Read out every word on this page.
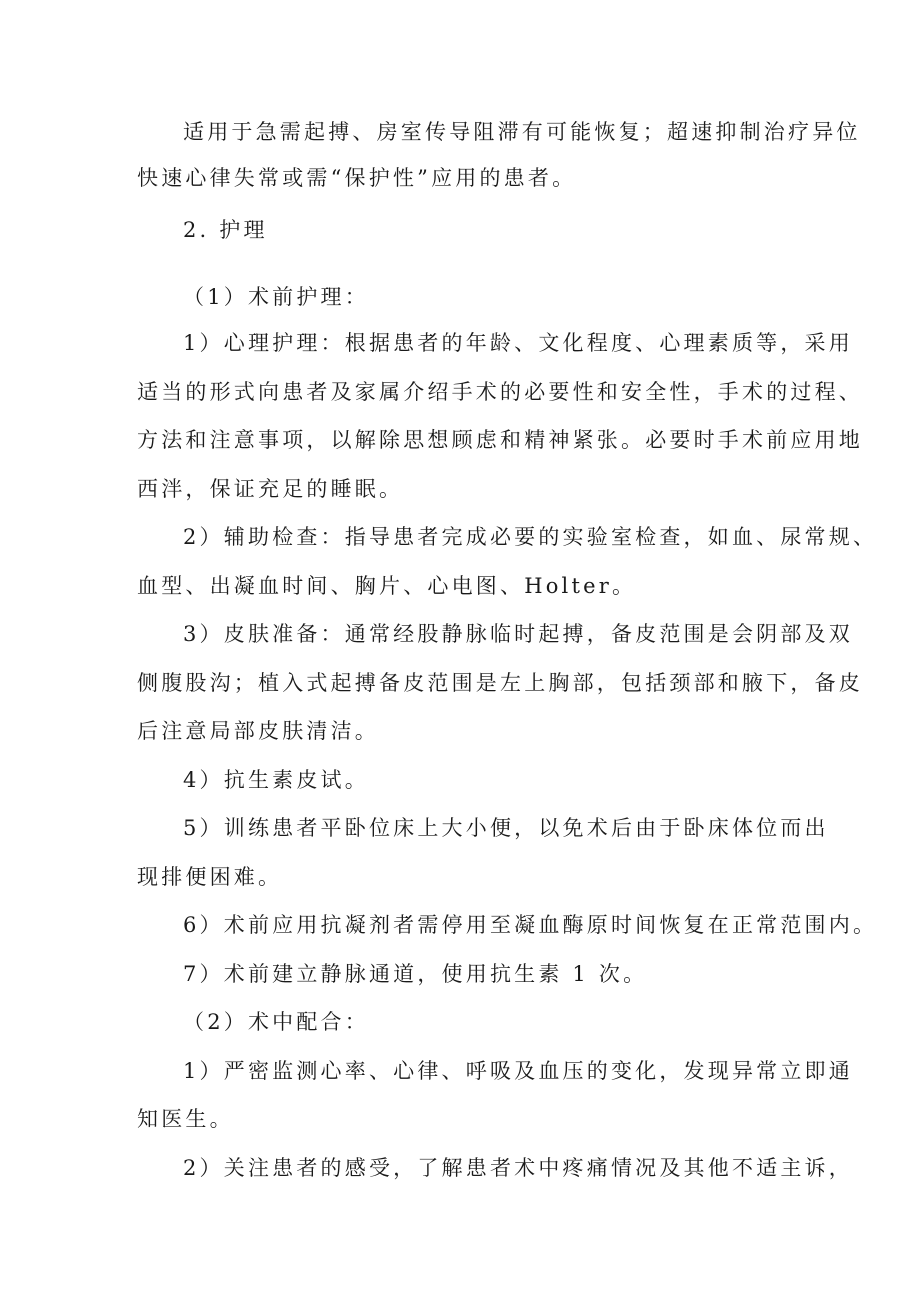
适用于急需起搏、房室传导阻滞有可能恢复；超速抑制治疗异位
快速心律失常或需“保护性”应用的患者。
2. 护理
（1）术前护理：
1）心理护理：根据患者的年龄、文化程度、心理素质等，采用
适当的形式向患者及家属介绍手术的必要性和安全性，手术的过程、
方法和注意事项，以解除思想顾虑和精神紧张。必要时手术前应用地
西泮，保证充足的睡眠。
2）辅助检查：指导患者完成必要的实验室检查，如血、尿常规、
血型、出凝血时间、胸片、心电图、Holter。
3）皮肤准备：通常经股静脉临时起搏，备皮范围是会阴部及双
侧腹股沟；植入式起搏备皮范围是左上胸部，包括颈部和腋下，备皮
后注意局部皮肤清洁。
4）抗生素皮试。
5）训练患者平卧位床上大小便，以免术后由于卧床体位而出
现排便困难。
6）术前应用抗凝剂者需停用至凝血酶原时间恢复在正常范围内。
7）术前建立静脉通道，使用抗生素 1 次。
（2）术中配合：
1）严密监测心率、心律、呼吸及血压的变化，发现异常立即通
知医生。
2）关注患者的感受，了解患者术中疼痛情况及其他不适主诉，
